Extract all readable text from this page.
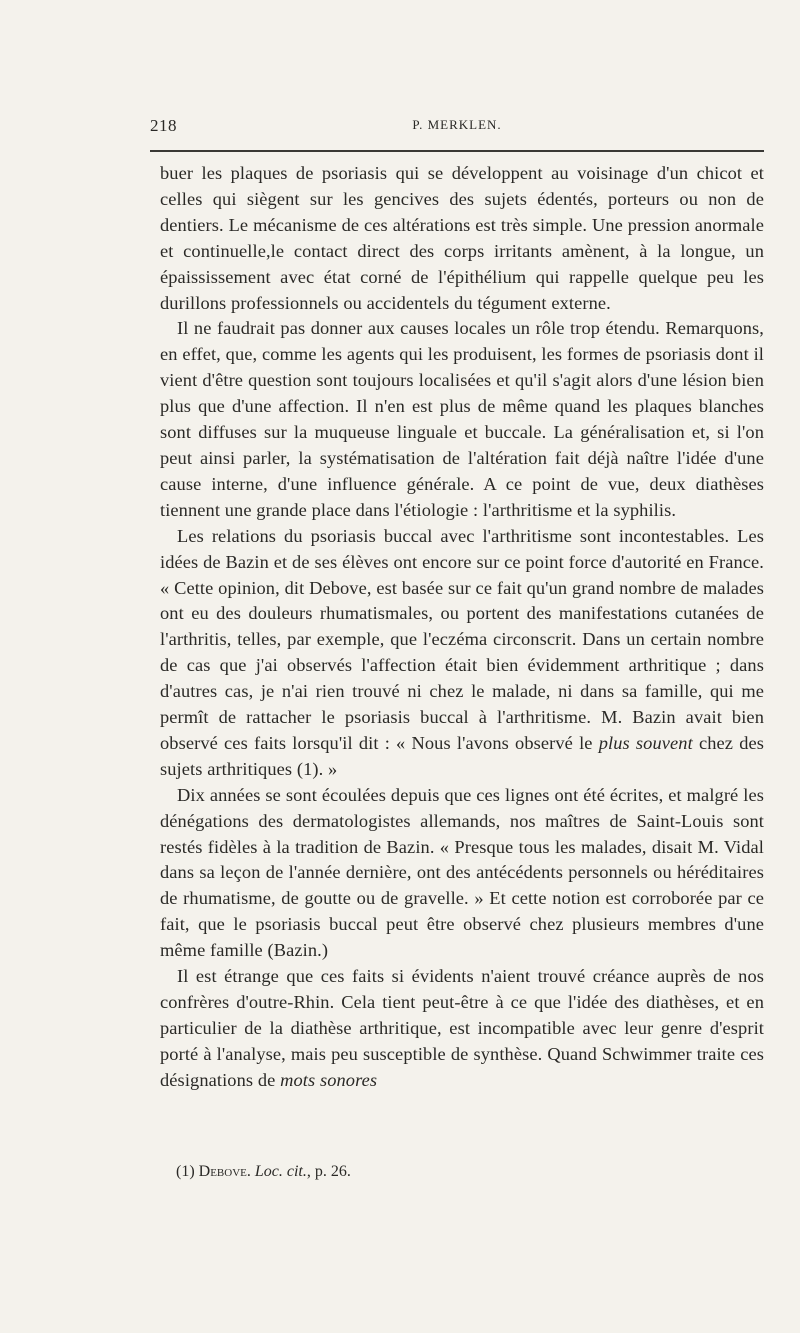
218	P. MERKLEN.

buer les plaques de psoriasis qui se développent au voisinage d'un chicot et celles qui siègent sur les gencives des sujets édentés, porteurs ou non de dentiers. Le mécanisme de ces altérations est très simple. Une pression anormale et continuelle,le contact direct des corps irritants amènent, à la longue, un épaississement avec état corné de l'épithélium qui rappelle quelque peu les durillons professionnels ou accidentels du tégument externe.

Il ne faudrait pas donner aux causes locales un rôle trop étendu. Remarquons, en effet, que, comme les agents qui les produisent, les formes de psoriasis dont il vient d'être question sont toujours localisées et qu'il s'agit alors d'une lésion bien plus que d'une affection. Il n'en est plus de même quand les plaques blanches sont diffuses sur la muqueuse linguale et buccale. La généralisation et, si l'on peut ainsi parler, la systématisation de l'altération fait déjà naître l'idée d'une cause interne, d'une influence générale. A ce point de vue, deux diathèses tiennent une grande place dans l'étiologie : l'arthritisme et la syphilis.

Les relations du psoriasis buccal avec l'arthritisme sont incontestables. Les idées de Bazin et de ses élèves ont encore sur ce point force d'autorité en France. « Cette opinion, dit Debove, est basée sur ce fait qu'un grand nombre de malades ont eu des douleurs rhumatismales, ou portent des manifestations cutanées de l'arthritis, telles, par exemple, que l'eczéma circonscrit. Dans un certain nombre de cas que j'ai observés l'affection était bien évidemment arthritique ; dans d'autres cas, je n'ai rien trouvé ni chez le malade, ni dans sa famille, qui me permît de rattacher le psoriasis buccal à l'arthritisme. M. Bazin avait bien observé ces faits lorsqu'il dit : « Nous l'avons observé le plus souvent chez des sujets arthritiques (1). »

Dix années se sont écoulées depuis que ces lignes ont été écrites, et malgré les dénégations des dermatologistes allemands, nos maîtres de Saint-Louis sont restés fidèles à la tradition de Bazin. « Presque tous les malades, disait M. Vidal dans sa leçon de l'année dernière, ont des antécédents personnels ou héréditaires de rhumatisme, de goutte ou de gravelle. » Et cette notion est corroborée par ce fait, que le psoriasis buccal peut être observé chez plusieurs membres d'une même famille (Bazin.)

Il est étrange que ces faits si évidents n'aient trouvé créance auprès de nos confrères d'outre-Rhin. Cela tient peut-être à ce que l'idée des diathèses, et en particulier de la diathèse arthritique, est incompatible avec leur genre d'esprit porté à l'analyse, mais peu susceptible de synthèse. Quand Schwimmer traite ces désignations de mots sonores

(1) Debove. Loc. cit., p. 26.
